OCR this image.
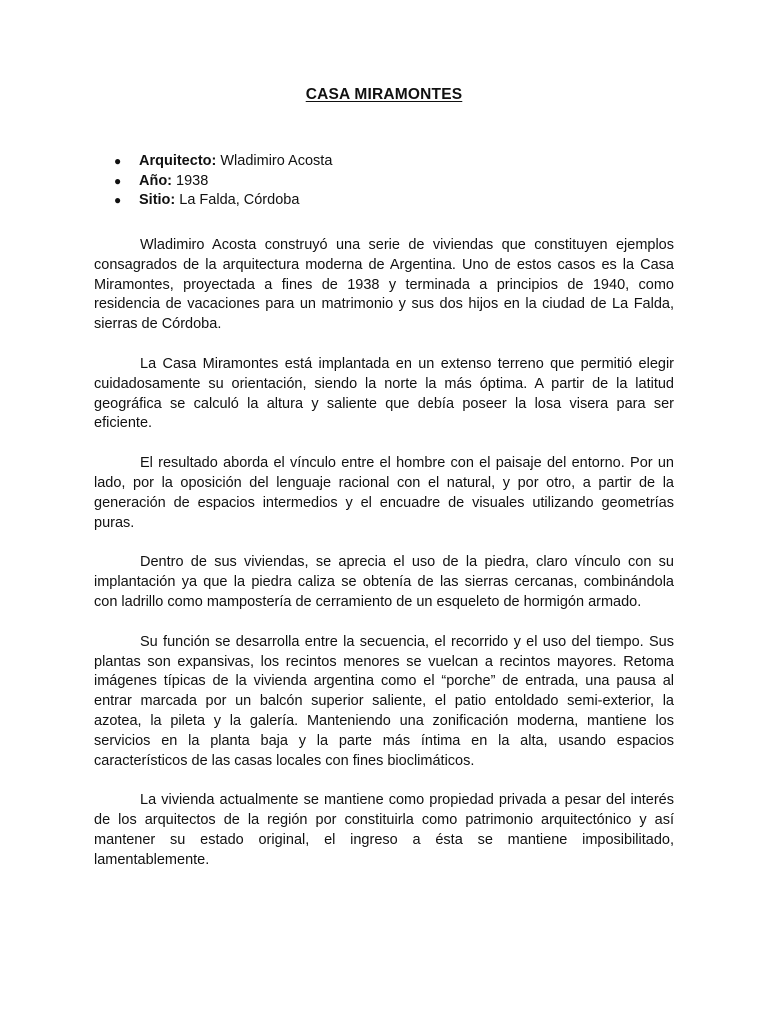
CASA MIRAMONTES
● Arquitecto: Wladimiro Acosta
● Año: 1938
● Sitio: La Falda, Córdoba

Wladimiro Acosta construyó una serie de viviendas que constituyen ejemplos consagrados de la arquitectura moderna de Argentina. Uno de estos casos es la Casa Miramontes, proyectada a fines de 1938 y terminada a principios de 1940, como residencia de vacaciones para un matrimonio y sus dos hijos en la ciudad de La Falda, sierras de Córdoba.

La Casa Miramontes está implantada en un extenso terreno que permitió elegir cuidadosamente su orientación, siendo la norte la más óptima. A partir de la latitud geográfica se calculó la altura y saliente que debía poseer la losa visera para ser eficiente.

El resultado aborda el vínculo entre el hombre con el paisaje del entorno. Por un lado, por la oposición del lenguaje racional con el natural, y por otro, a partir de la generación de espacios intermedios y el encuadre de visuales utilizando geometrías puras.

Dentro de sus viviendas, se aprecia el uso de la piedra, claro vínculo con su implantación ya que la piedra caliza se obtenía de las sierras cercanas, combinándola con ladrillo como mampostería de cerramiento de un esqueleto de hormigón armado.

Su función se desarrolla entre la secuencia, el recorrido y el uso del tiempo. Sus plantas son expansivas, los recintos menores se vuelcan a recintos mayores. Retoma imágenes típicas de la vivienda argentina como el “porche” de entrada, una pausa al entrar marcada por un balcón superior saliente, el patio entoldado semi-exterior, la azotea, la pileta y la galería. Manteniendo una zonificación moderna, mantiene los servicios en la planta baja y la parte más íntima en la alta, usando espacios característicos de las casas locales con fines bioclimáticos.

La vivienda actualmente se mantiene como propiedad privada a pesar del interés de los arquitectos de la región por constituirla como patrimonio arquitectónico y así mantener su estado original, el ingreso a ésta se mantiene imposibilitado, lamentablemente.
